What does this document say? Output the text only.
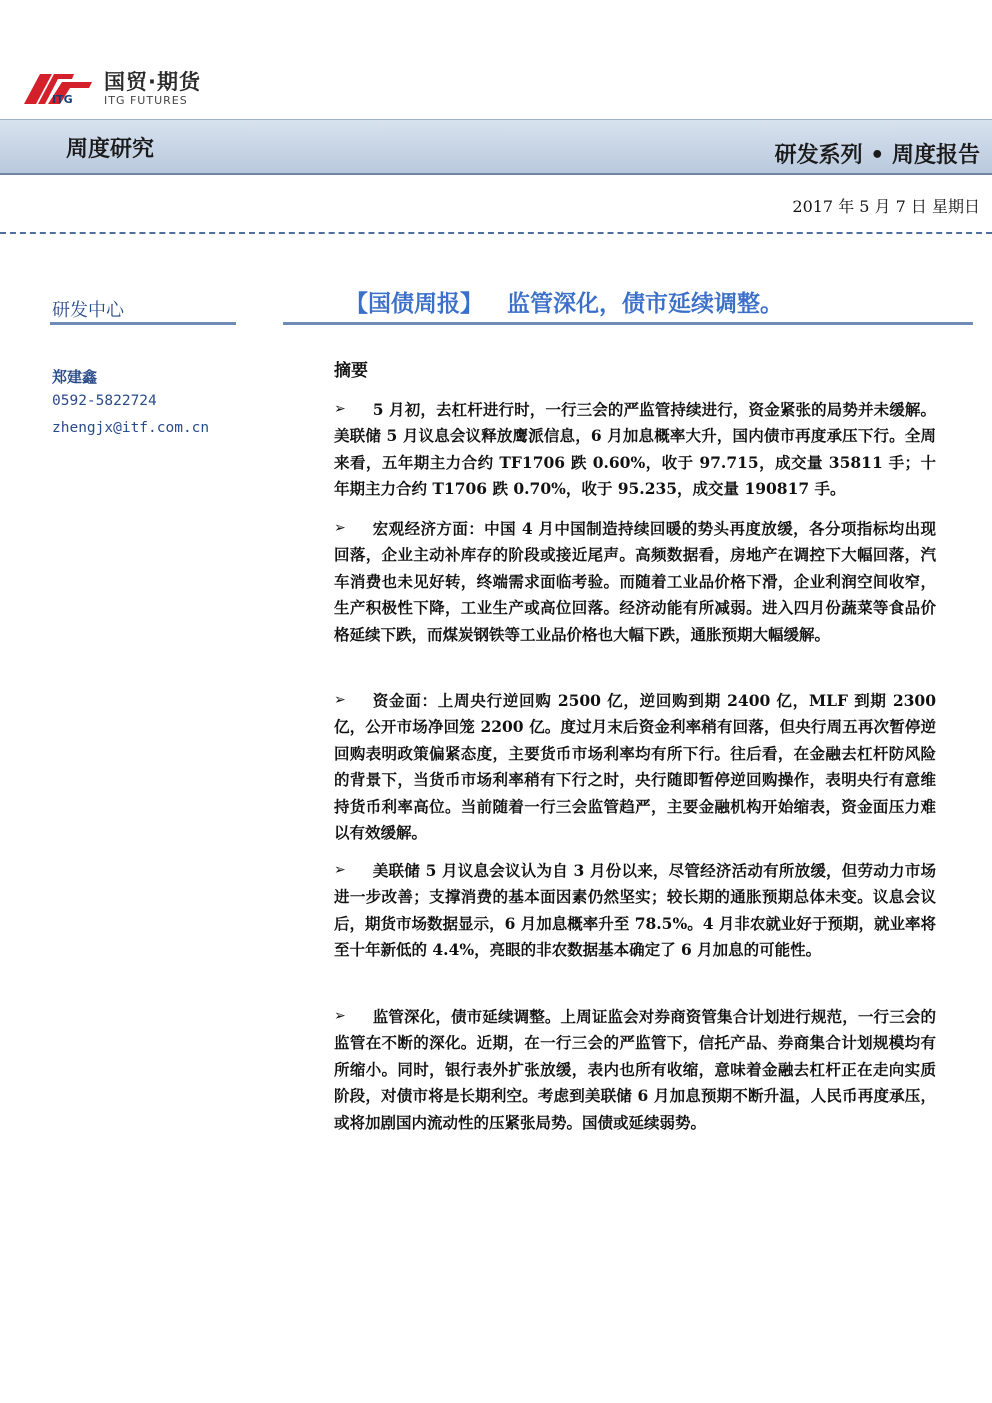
ITG
国贸·期货
ITG FUTURES
周度研究	研发系列 • 周度报告
2017 年 5 月 7 日 星期日
研发中心
郑建鑫
0592-5822724
zhengjx@itf.com.cn
【国债周报】 监管深化，债市延续调整。
摘要
➢	5 月初，去杠杆进行时，一行三会的严监管持续进行，资金紧张的局势并未缓解。美联储 5 月议息会议释放鹰派信息，6 月加息概率大升，国内债市再度承压下行。全周来看，五年期主力合约 TF1706 跌 0.60%，收于 97.715，成交量 35811 手；十年期主力合约 T1706 跌 0.70%，收于 95.235，成交量 190817 手。
➢	宏观经济方面：中国 4 月中国制造持续回暖的势头再度放缓，各分项指标均出现回落，企业主动补库存的阶段或接近尾声。高频数据看，房地产在调控下大幅回落，汽车消费也未见好转，终端需求面临考验。而随着工业品价格下滑，企业利润空间收窄，生产积极性下降，工业生产或高位回落。经济动能有所减弱。进入四月份蔬菜等食品价格延续下跌，而煤炭钢铁等工业品价格也大幅下跌，通胀预期大幅缓解。
➢	资金面：上周央行逆回购 2500 亿，逆回购到期 2400 亿，MLF 到期 2300 亿，公开市场净回笼 2200 亿。度过月末后资金利率稍有回落，但央行周五再次暂停逆回购表明政策偏紧态度，主要货币市场利率均有所下行。往后看，在金融去杠杆防风险的背景下，当货币市场利率稍有下行之时，央行随即暂停逆回购操作，表明央行有意维持货币利率高位。当前随着一行三会监管趋严，主要金融机构开始缩表，资金面压力难以有效缓解。
➢	美联储 5 月议息会议认为自 3 月份以来，尽管经济活动有所放缓，但劳动力市场进一步改善；支撑消费的基本面因素仍然坚实；较长期的通胀预期总体未变。议息会议后，期货市场数据显示，6 月加息概率升至 78.5%。4 月非农就业好于预期，就业率将至十年新低的 4.4%，亮眼的非农数据基本确定了 6 月加息的可能性。
➢	监管深化，债市延续调整。上周证监会对券商资管集合计划进行规范，一行三会的监管在不断的深化。近期，在一行三会的严监管下，信托产品、券商集合计划规模均有所缩小。同时，银行表外扩张放缓，表内也所有收缩，意味着金融去杠杆正在走向实质阶段，对债市将是长期利空。考虑到美联储 6 月加息预期不断升温，人民币再度承压，或将加剧国内流动性的压紧张局势。国债或延续弱势。
